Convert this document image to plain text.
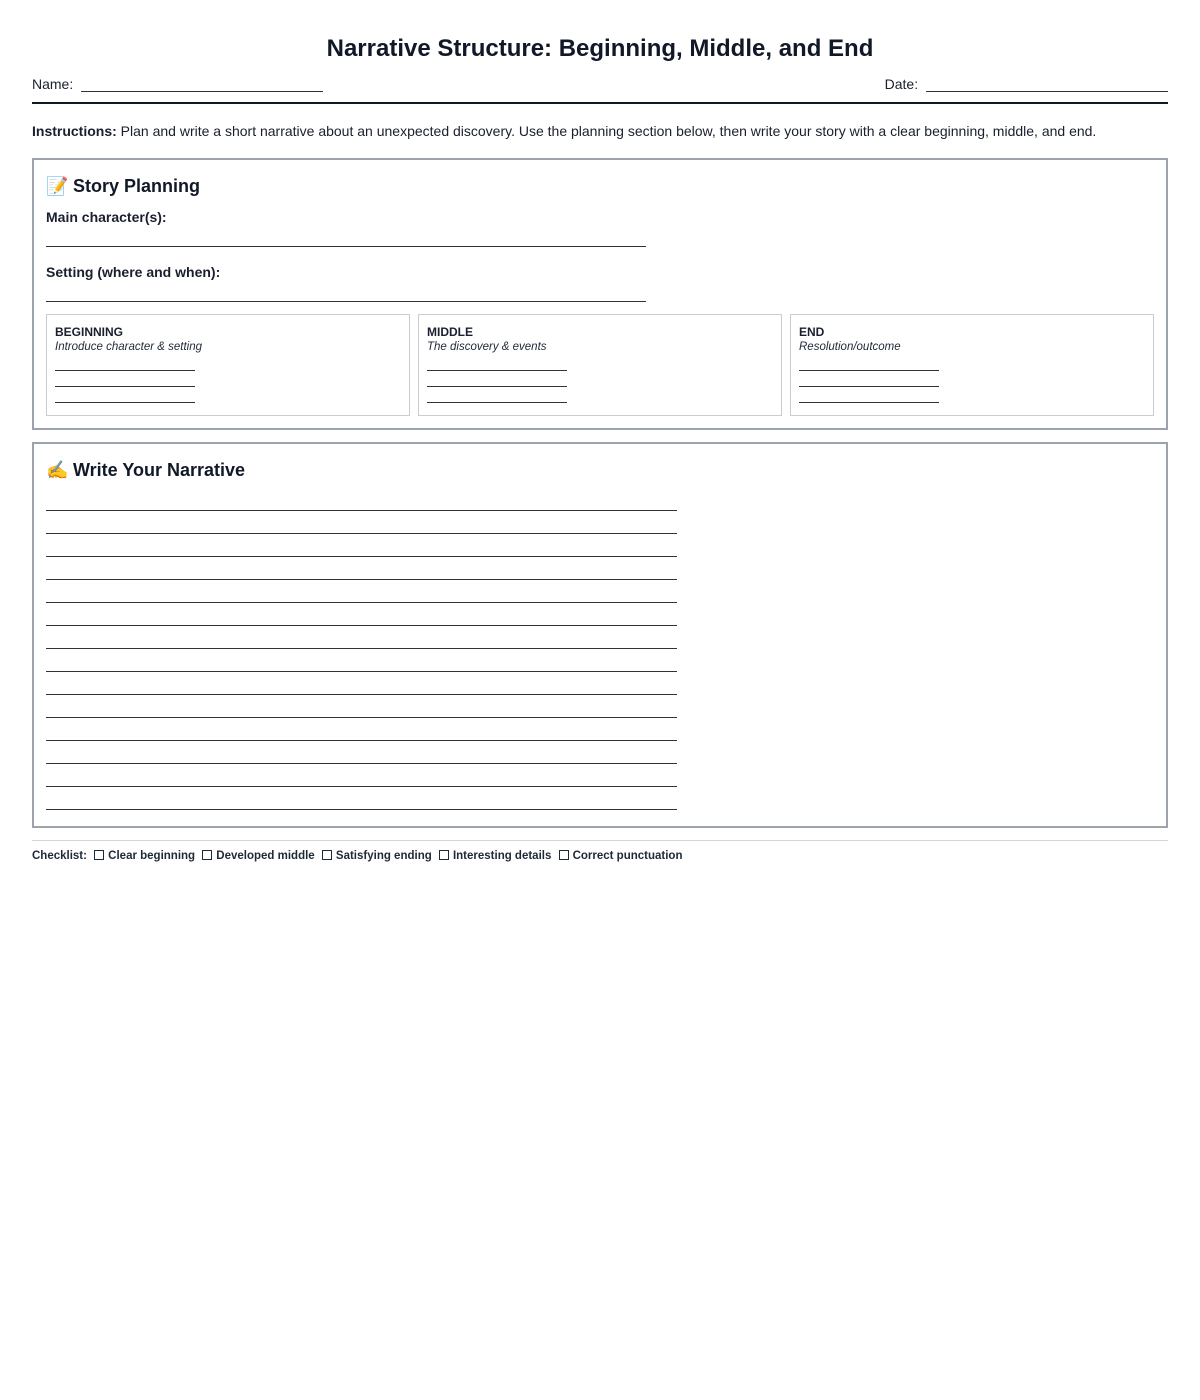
Narrative Structure: Beginning, Middle, and End
Name:	Date:
Instructions: Plan and write a short narrative about an unexpected discovery. Use the planning section below, then write your story with a clear beginning, middle, and end.
📝 Story Planning
Main character(s):
Setting (where and when):
BEGINNING
Introduce character & setting
MIDDLE
The discovery & events
END
Resolution/outcome
✍️ Write Your Narrative
Checklist: Clear beginning Developed middle Satisfying ending Interesting details Correct punctuation
